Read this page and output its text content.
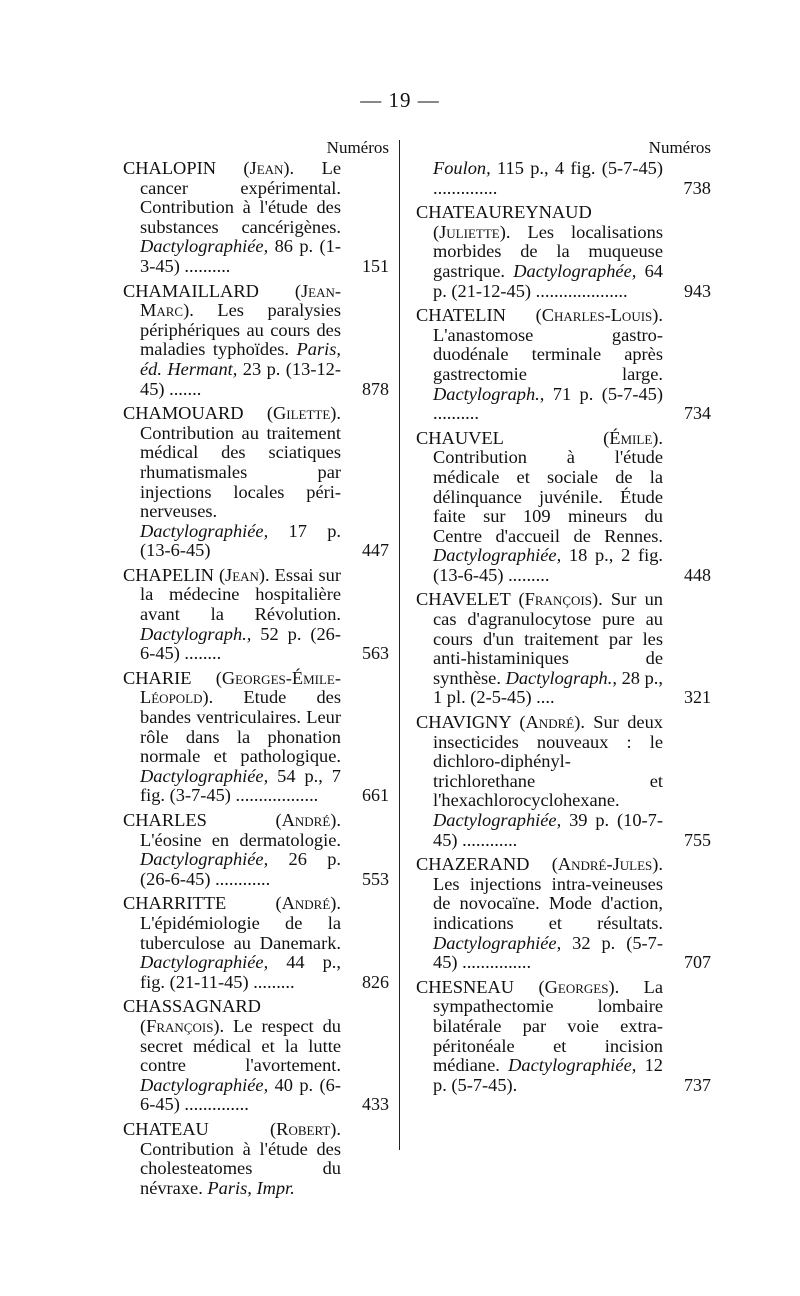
— 19 —
Numéros
CHALOPIN (Jean). Le cancer expérimental. Contribution à l'étude des substances cancérigènes. Dactylographiée, 86 p. (1-3-45) ..........	151
CHAMAILLARD (Jean-Marc). Les paralysies périphériques au cours des maladies typhoïdes. Paris, éd. Hermant, 23 p. (13-12-45) .......	878
CHAMOUARD (Gilette). Contribution au traitement médical des sciatiques rhumatismales par injections locales péri-nerveuses. Dactylographiée, 17 p. (13-6-45)	447
CHAPELIN (Jean). Essai sur la médecine hospitalière avant la Révolution. Dactylograph., 52 p. (26-6-45) ........	563
CHARIE (Georges-Émile-Léopold). Etude des bandes ventriculaires. Leur rôle dans la phonation normale et pathologique. Dactylographiée, 54 p., 7 fig. (3-7-45) ..................	661
CHARLES	(André). L'éosine en dermatologie. Dactylographiée, 26 p. (26-6-45) ............	553
CHARRITTE	(André). L'épidémiologie de la tuberculose au Danemark. Dactylographiée, 44 p., fig. (21-11-45) .........	826
CHASSAGNARD (François). Le respect du secret médical et la lutte contre l'avortement. Dactylographiée, 40 p. (6-6-45) ..............	433
CHATEAU	(Robert). Contribution à l'étude des cholesteatomes du névraxe. Paris, Impr.
Numéros
Foulon, 115 p., 4 fig. (5-7-45) ..............	738
CHATEAUREYNAUD (Juliette). Les localisations morbides de la muqueuse gastrique. Dactylographée, 64 p. (21-12-45) ....................	943
CHATELIN (Charles-Louis). L'anastomose gastro-duodénale terminale après gastrectomie large. Dactylograph., 71 p. (5-7-45) ..........	734
CHAUVEL	(Émile). Contribution à l'étude médicale et sociale de la délinquance juvénile. Étude faite sur 109 mineurs du Centre d'accueil de Rennes. Dactylographiée, 18 p., 2 fig. (13-6-45) .........	448
CHAVELET (François). Sur un cas d'agranulocytose pure au cours d'un traitement par les anti-histaminiques de synthèse. Dactylograph., 28 p., 1 pl. (2-5-45) ....	321
CHAVIGNY (André). Sur deux insecticides nouveaux : le dichloro-diphényl-trichlorethane et l'hexachlorocyclohexane. Dactylographiée, 39 p. (10-7-45) ............	755
CHAZERAND (André-Jules). Les injections intra-veineuses de novocaïne. Mode d'action, indications et résultats. Dactylographiée, 32 p. (5-7-45) ...............	707
CHESNEAU (Georges). La sympathectomie lombaire bilatérale par voie extra-péritonéale et incision médiane. Dactylographiée, 12 p. (5-7-45).	737
